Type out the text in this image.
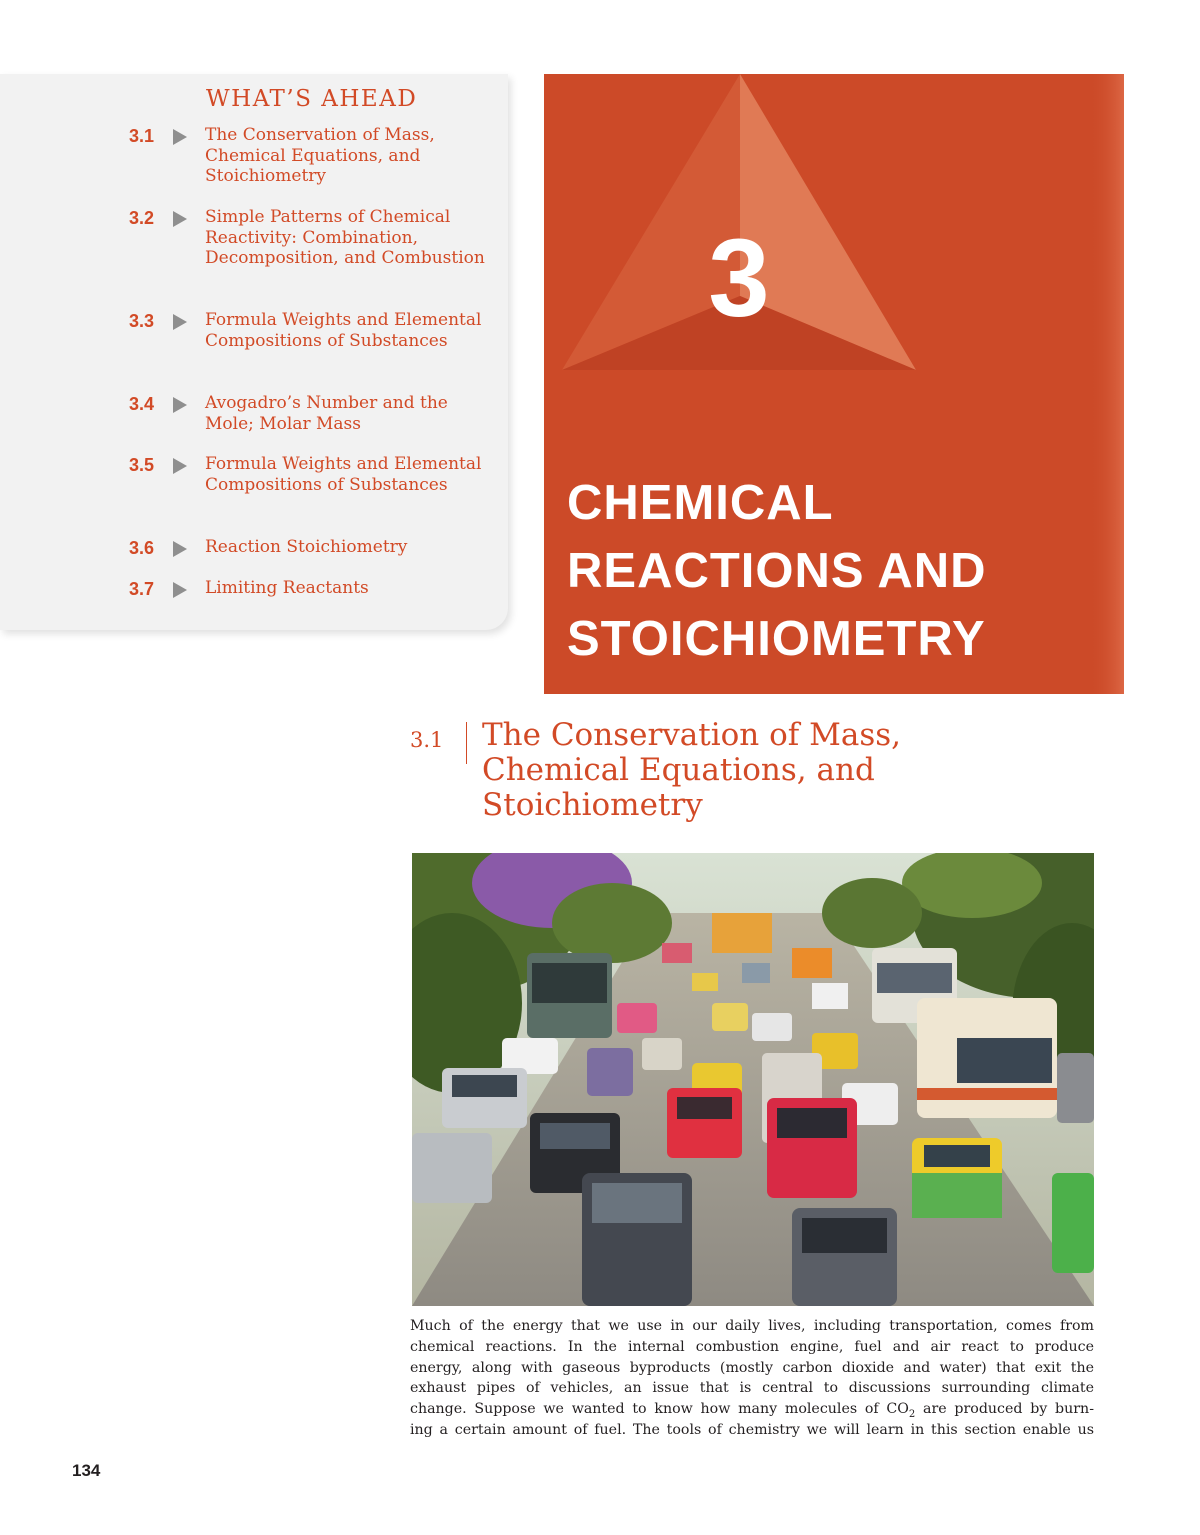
WHAT’S AHEAD
3.1	The Conservation of Mass, Chemical Equations, and Stoichiometry
3.2	Simple Patterns of Chemical Reactivity: Combination, Decomposition, and Combustion
3.3	Formula Weights and Elemental Compositions of Substances
3.4	Avogadro’s Number and the Mole; Molar Mass
3.5	Formula Weights and Elemental Compositions of Substances
3.6	Reaction Stoichiometry
3.7	Limiting Reactants
3
CHEMICAL
REACTIONS AND
STOICHIOMETRY
3.1 The Conservation of Mass,
Chemical Equations, and
Stoichiometry
Much of the energy that we use in our daily lives, including transportation, comes from
chemical reactions. In the internal combustion engine, fuel and air react to produce
energy, along with gaseous byproducts (mostly carbon dioxide and water) that exit the
exhaust pipes of vehicles, an issue that is central to discussions surrounding climate
change. Suppose we wanted to know how many molecules of $CO_2$ are produced by burn-
ing a certain amount of fuel. The tools of chemistry we will learn in this section enable us
134
